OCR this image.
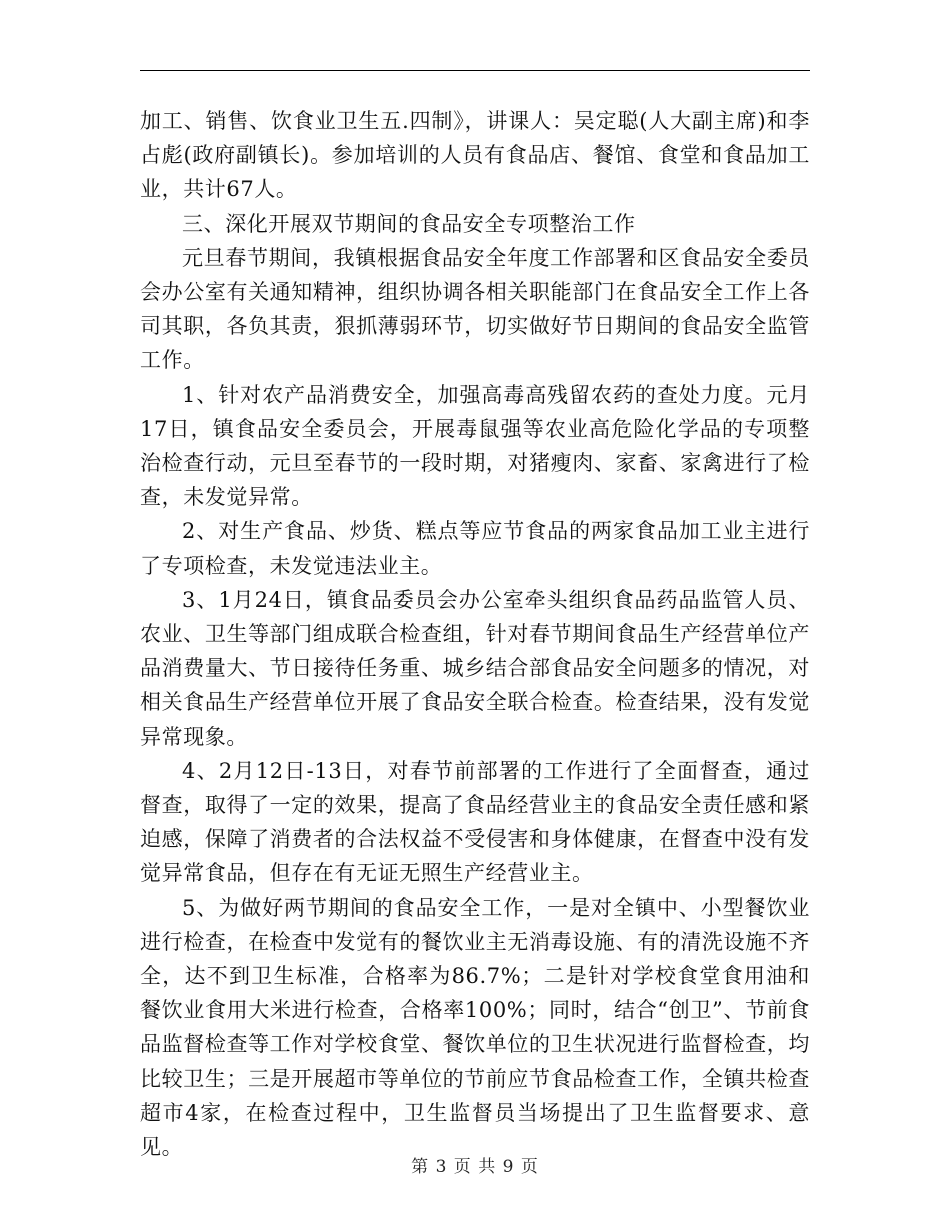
加工、销售、饮食业卫生五.四制》，讲课人：吴定聪(人大副主席)和李占彪(政府副镇长)。参加培训的人员有食品店、餐馆、食堂和食品加工业，共计67人。

三、深化开展双节期间的食品安全专项整治工作

元旦春节期间，我镇根据食品安全年度工作部署和区食品安全委员会办公室有关通知精神，组织协调各相关职能部门在食品安全工作上各司其职，各负其责，狠抓薄弱环节，切实做好节日期间的食品安全监管工作。

1、针对农产品消费安全，加强高毒高残留农药的查处力度。元月17日，镇食品安全委员会，开展毒鼠强等农业高危险化学品的专项整治检查行动，元旦至春节的一段时期，对猪瘦肉、家畜、家禽进行了检查，未发觉异常。

2、对生产食品、炒货、糕点等应节食品的两家食品加工业主进行了专项检查，未发觉违法业主。

3、1月24日，镇食品委员会办公室牵头组织食品药品监管人员、农业、卫生等部门组成联合检查组，针对春节期间食品生产经营单位产品消费量大、节日接待任务重、城乡结合部食品安全问题多的情况，对相关食品生产经营单位开展了食品安全联合检查。检查结果，没有发觉异常现象。

4、2月12日-13日，对春节前部署的工作进行了全面督查，通过督查，取得了一定的效果，提高了食品经营业主的食品安全责任感和紧迫感，保障了消费者的合法权益不受侵害和身体健康，在督查中没有发觉异常食品，但存在有无证无照生产经营业主。

5、为做好两节期间的食品安全工作，一是对全镇中、小型餐饮业进行检查，在检查中发觉有的餐饮业主无消毒设施、有的清洗设施不齐全，达不到卫生标准，合格率为86.7%；二是针对学校食堂食用油和餐饮业食用大米进行检查，合格率100%；同时，结合“创卫”、节前食品监督检查等工作对学校食堂、餐饮单位的卫生状况进行监督检查，均比较卫生；三是开展超市等单位的节前应节食品检查工作，全镇共检查超市4家，在检查过程中，卫生监督员当场提出了卫生监督要求、意见。

第 3 页 共 9 页
